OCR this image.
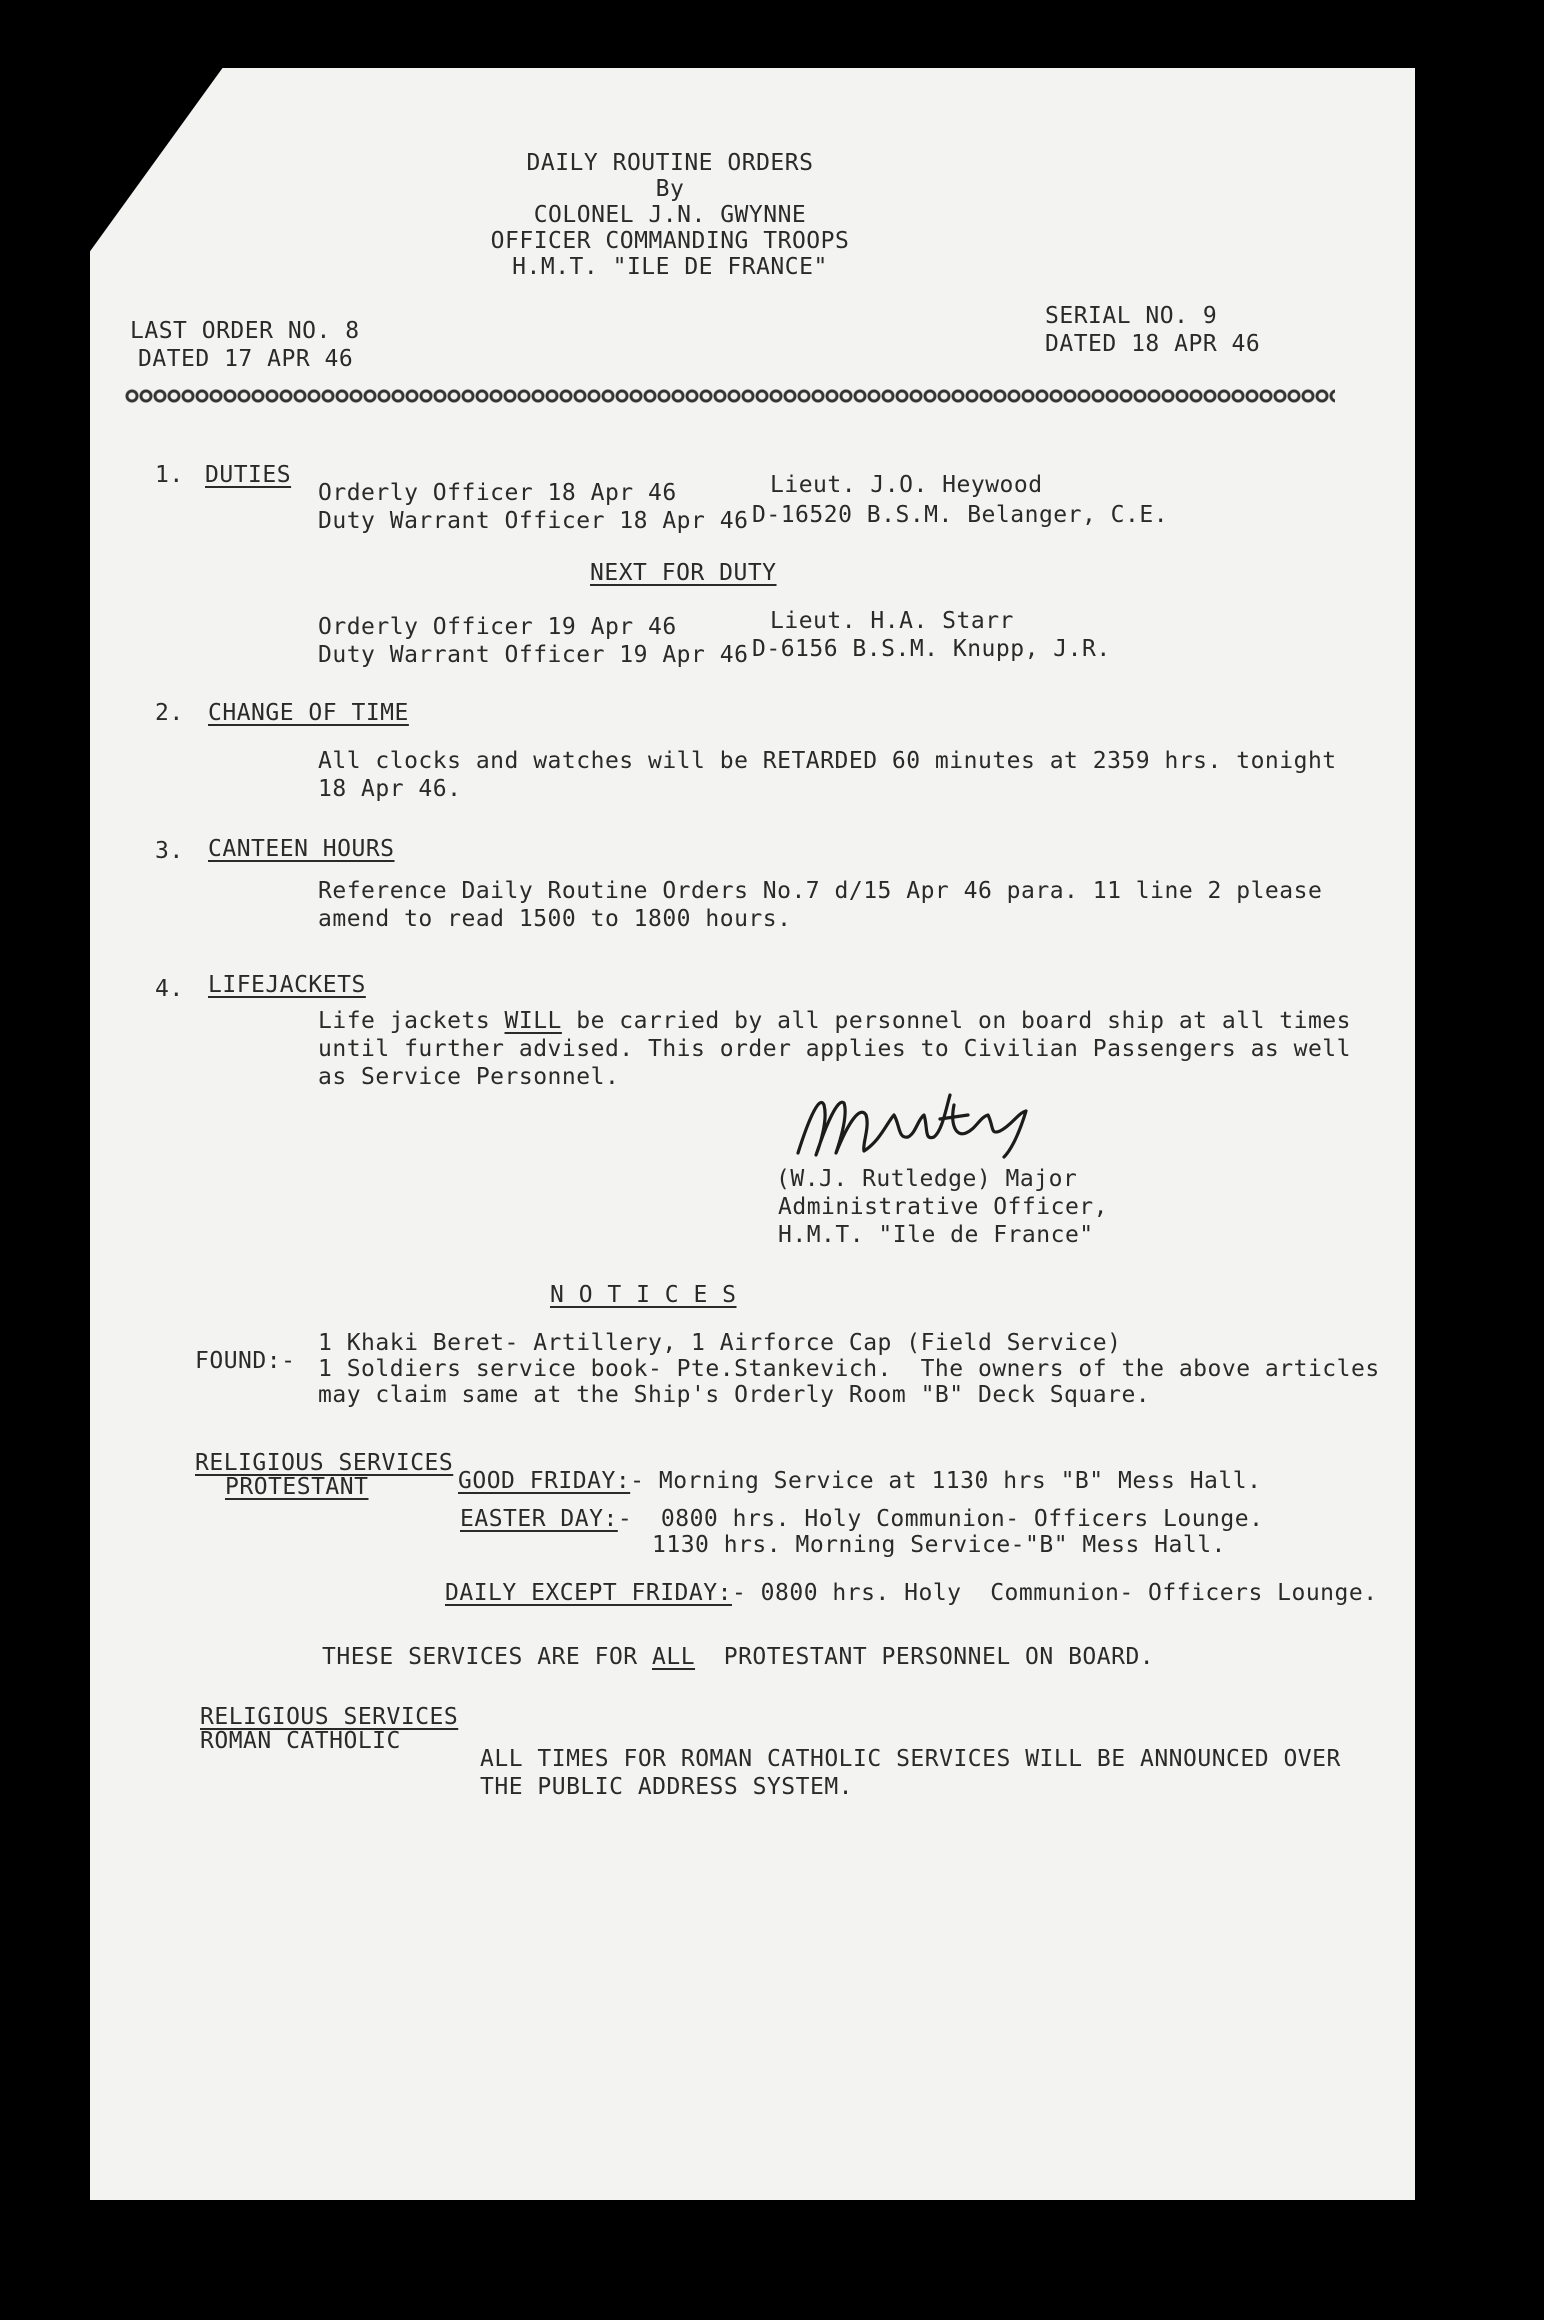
DAILY ROUTINE ORDERS
By
COLONEL J.N. GWYNNE
OFFICER COMMANDING TROOPS
H.M.T. "ILE DE FRANCE"
LAST ORDER NO. 8
DATED 17 APR 46
SERIAL NO. 9
DATED 18 APR 46
1. DUTIES
Orderly Officer 18 Apr 46	Lieut. J.O. Heywood
Duty Warrant Officer 18 Apr 46 D-16520 B.S.M. Belanger, C.E.
NEXT FOR DUTY
Orderly Officer 19 Apr 46	Lieut. H.A. Starr
Duty Warrant Officer 19 Apr 46 D-6156 B.S.M. Knupp, J.R.
2. CHANGE OF TIME
All clocks and watches will be RETARDED 60 minutes at 2359 hrs. tonight
18 Apr 46.
3. CANTEEN HOURS
Reference Daily Routine Orders No.7 d/15 Apr 46 para. 11 line 2 please
amend to read 1500 to 1800 hours.
4. LIFEJACKETS
Life jackets WILL be carried by all personnel on board ship at all times
until further advised. This order applies to Civilian Passengers as well
as Service Personnel.
(W.J. Rutledge) Major
Administrative Officer,
H.M.T. "Ile de France"
N O T I C E S
FOUND:-
1 Khaki Beret- Artillery, 1 Airforce Cap (Field Service)
1 Soldiers service book- Pte.Stankevich.  The owners of the above articles
may claim same at the Ship's Orderly Room "B" Deck Square.
RELIGIOUS SERVICES
PROTESTANT	GOOD FRIDAY:- Morning Service at 1130 hrs "B" Mess Hall.
EASTER DAY:-  0800 hrs. Holy Communion- Officers Lounge.
1130 hrs. Morning Service-"B" Mess Hall.
DAILY EXCEPT FRIDAY:- 0800 hrs. Holy  Communion- Officers Lounge.
THESE SERVICES ARE FOR ALL  PROTESTANT PERSONNEL ON BOARD.
RELIGIOUS SERVICES
ROMAN CATHOLIC
ALL TIMES FOR ROMAN CATHOLIC SERVICES WILL BE ANNOUNCED OVER
THE PUBLIC ADDRESS SYSTEM.
